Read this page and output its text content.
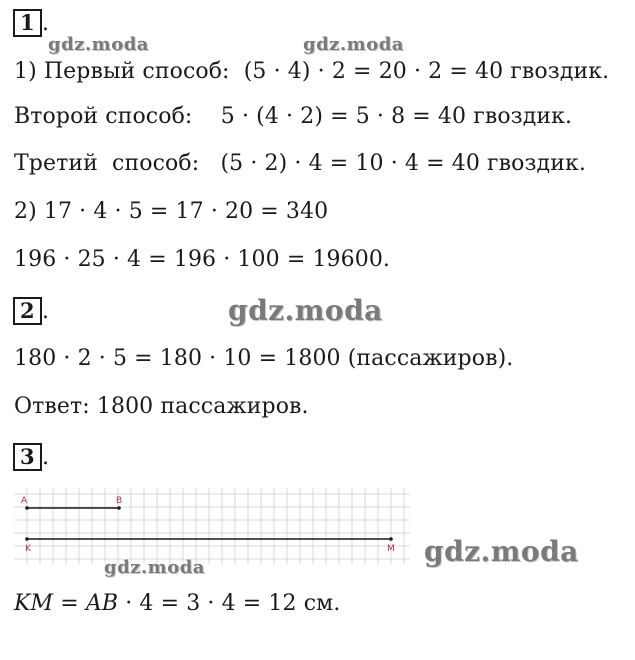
1 .
gdz.moda	gdz.moda
1) Первый способ:  (5 · 4) · 2 = 20 · 2 = 40 гвоздик.
Второй способ:    5 · (4 · 2) = 5 · 8 = 40 гвоздик.
Третий  способ:   (5 · 2) · 4 = 10 · 4 = 40 гвоздик.
2) 17 · 4 · 5 = 17 · 20 = 340
196 · 25 · 4 = 196 · 100 = 19600.
2 .	gdz.moda
180 · 2 · 5 = 180 · 10 = 1800 (пассажиров).
Ответ: 1800 пассажиров.
3 .
A	B
K	M gdz.moda
gdz.moda
KM = AB · 4 = 3 · 4 = 12 см.
